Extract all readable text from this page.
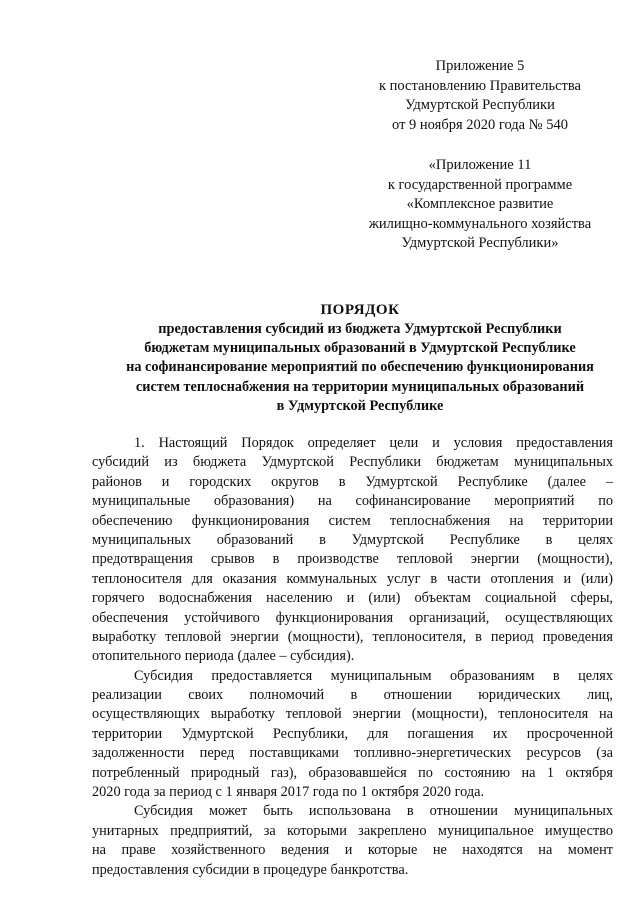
Приложение 5
к постановлению Правительства
Удмуртской Республики
от 9 ноября 2020 года № 540
«Приложение 11
к государственной программе
«Комплексное развитие
жилищно-коммунального хозяйства
Удмуртской Республики»
ПОРЯДОК
предоставления субсидий из бюджета Удмуртской Республики
бюджетам муниципальных образований в Удмуртской Республике
на софинансирование мероприятий по обеспечению функционирования
систем теплоснабжения на территории муниципальных образований
в Удмуртской Республике
1. Настоящий Порядок определяет цели и условия предоставления
субсидий из бюджета Удмуртской Республики бюджетам муниципальных
районов и городских округов в Удмуртской Республике (далее –
муниципальные образования) на софинансирование мероприятий по
обеспечению функционирования систем теплоснабжения на территории
муниципальных образований в Удмуртской Республике в целях
предотвращения срывов в производстве тепловой энергии (мощности),
теплоносителя для оказания коммунальных услуг в части отопления и (или)
горячего водоснабжения населению и (или) объектам социальной сферы,
обеспечения устойчивого функционирования организаций, осуществляющих
выработку тепловой энергии (мощности), теплоносителя, в период проведения
отопительного периода (далее – субсидия).
Субсидия предоставляется муниципальным образованиям в целях
реализации своих полномочий в отношении юридических лиц,
осуществляющих выработку тепловой энергии (мощности), теплоносителя на
территории Удмуртской Республики, для погашения их просроченной
задолженности перед поставщиками топливно-энергетических ресурсов (за
потребленный природный газ), образовавшейся по состоянию на 1 октября
2020 года за период с 1 января 2017 года по 1 октября 2020 года.
Субсидия может быть использована в отношении муниципальных
унитарных предприятий, за которыми закреплено муниципальное имущество
на праве хозяйственного ведения и которые не находятся на момент
предоставления субсидии в процедуре банкротства.
